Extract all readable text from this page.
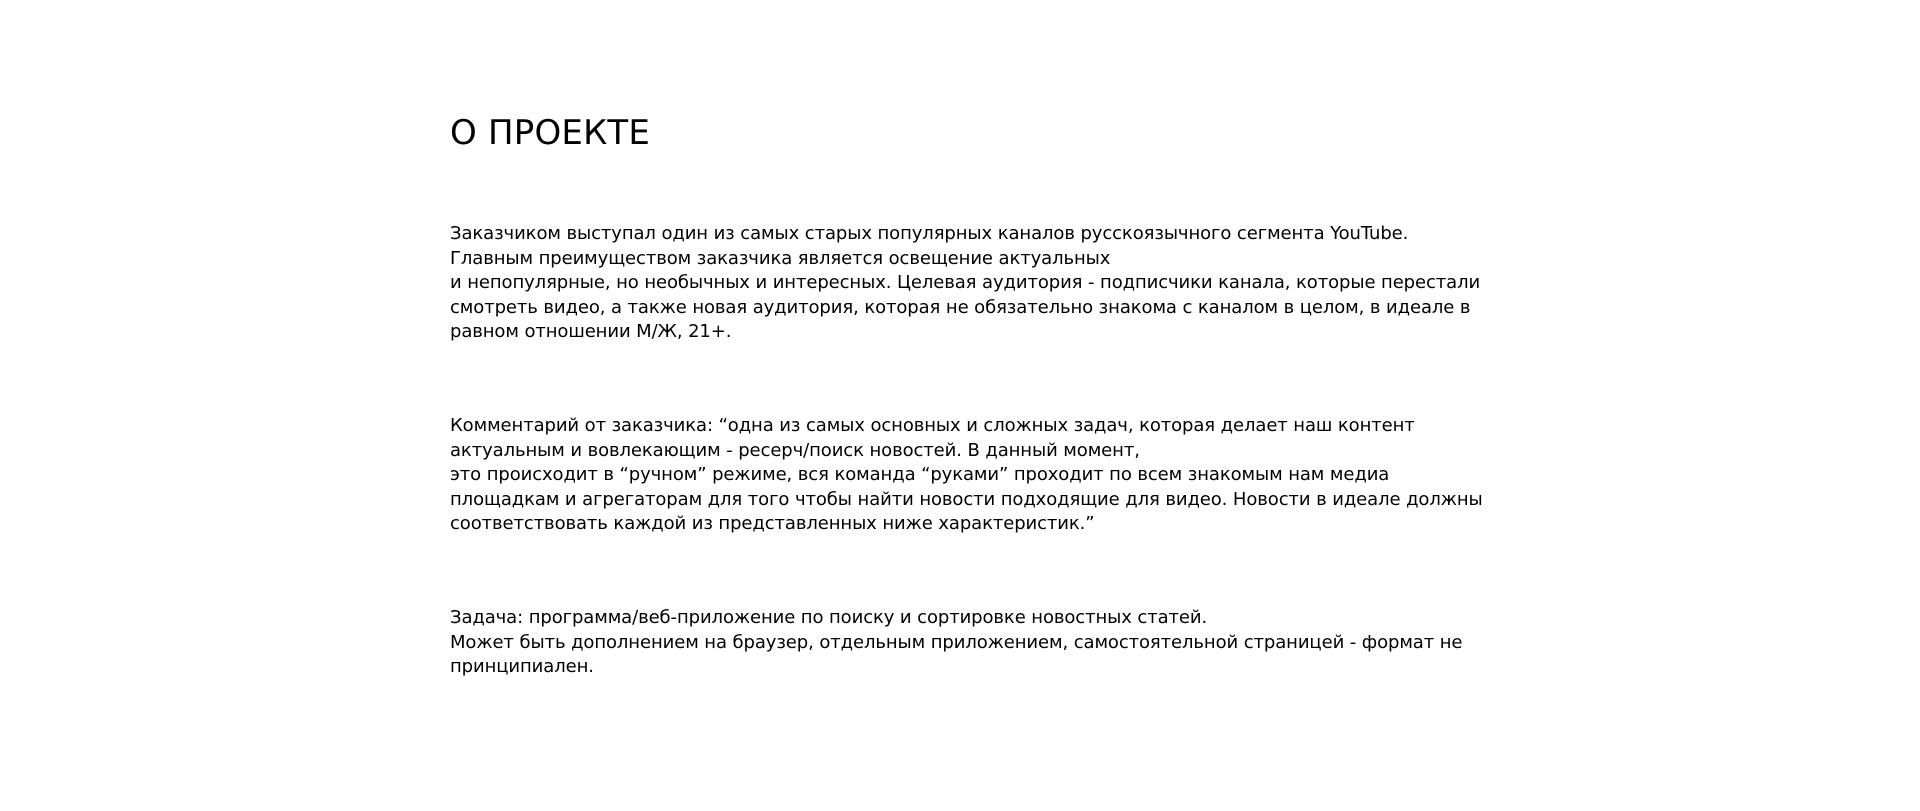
О ПРОЕКТЕ

Заказчиком выступал один из самых старых популярных каналов русскоязычного сегмента YouTube.
Главным преимуществом заказчика является освещение актуальных
и непопулярные, но необычных и интересных. Целевая аудитория - подписчики канала, которые перестали
смотреть видео, а также новая аудитория, которая не обязательно знакома с каналом в целом, в идеале в
равном отношении М/Ж, 21+.

Комментарий от заказчика: “одна из самых основных и сложных задач, которая делает наш контент
актуальным и вовлекающим - ресерч/поиск новостей. В данный момент,
это происходит в “ручном” режиме, вся команда “руками” проходит по всем знакомым нам медиа
площадкам и агрегаторам для того чтобы найти новости подходящие для видео. Новости в идеале должны
соответствовать каждой из представленных ниже характеристик.”

Задача: программа/веб-приложение по поиску и сортировке новостных статей.
Может быть дополнением на браузер, отдельным приложением, самостоятельной страницей - формат не
принципиален.
